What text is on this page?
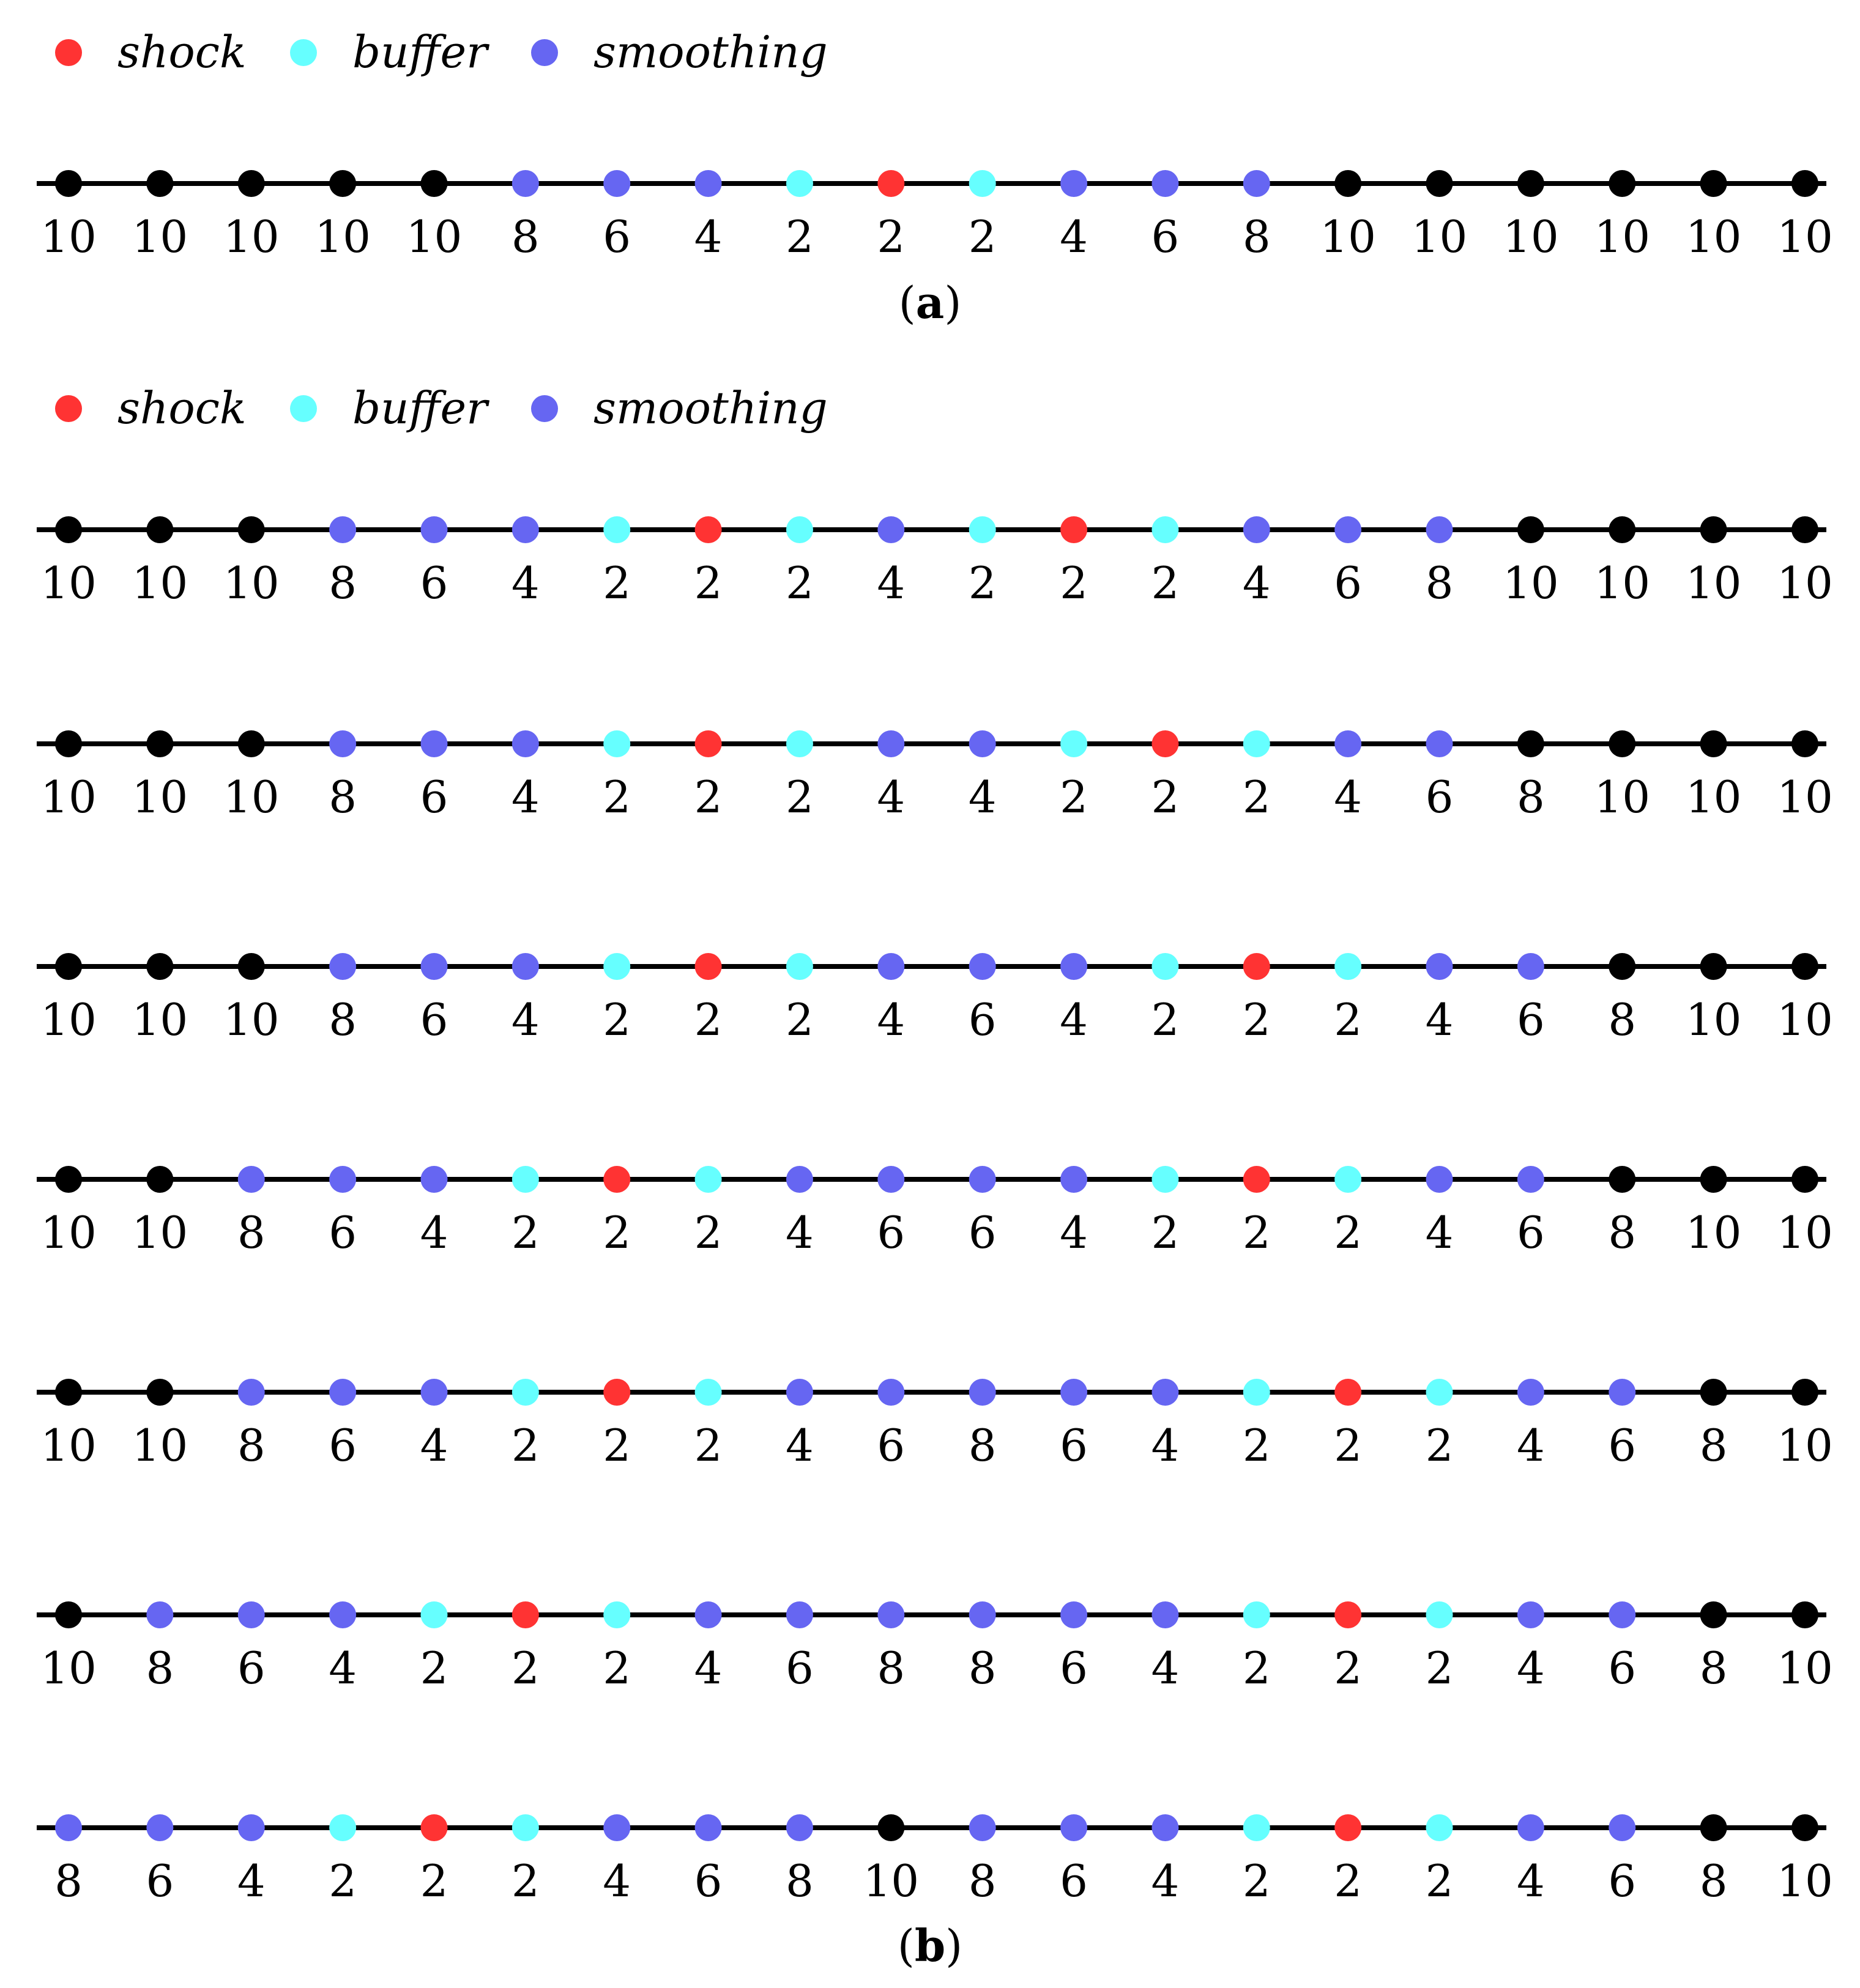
shock buffer smoothing
10 10 10 10 10 8 6 4 2 2 2 4 6 8 10 10 10 10 10 10
(a)
shock buffer smoothing
10 10 10 8 6 4 2 2 2 4 2 2 2 4 6 8 10 10 10 10
10 10 10 8 6 4 2 2 2 4 4 2 2 2 4 6 8 10 10 10
10 10 10 8 6 4 2 2 2 4 6 4 2 2 2 4 6 8 10 10
10 10 8 6 4 2 2 2 4 6 6 4 2 2 2 4 6 8 10 10
10 10 8 6 4 2 2 2 4 6 8 6 4 2 2 2 4 6 8 10
10 8 6 4 2 2 2 4 6 8 8 6 4 2 2 2 4 6 8 10
8 6 4 2 2 2 4 6 8 10 8 6 4 2 2 2 4 6 8 10
(b)
